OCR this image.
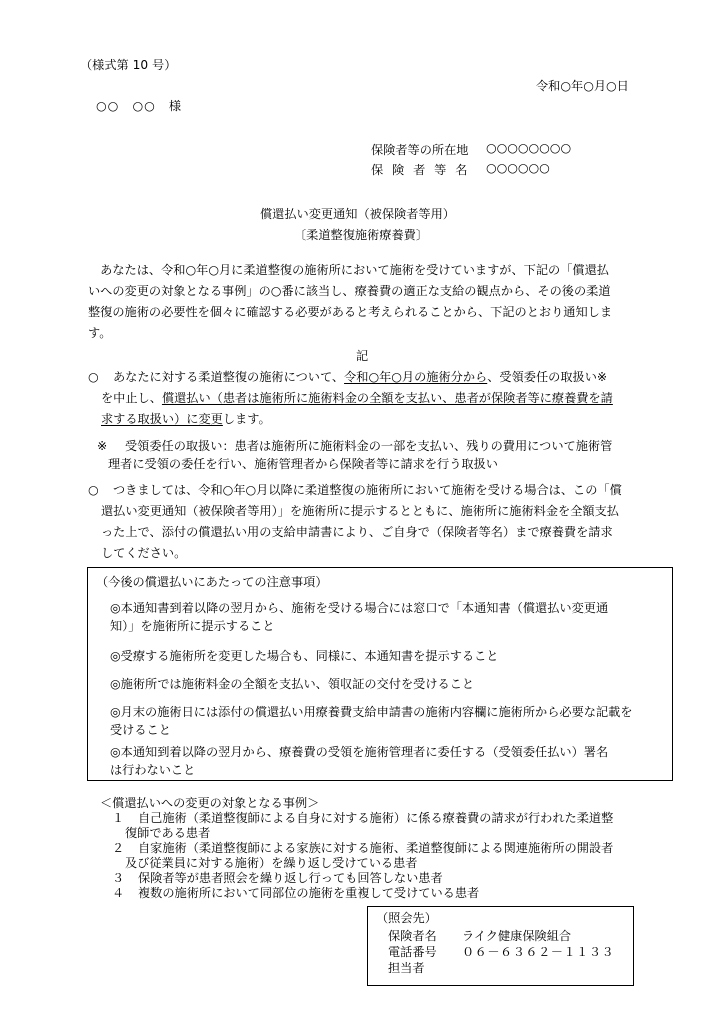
（様式第 10 号）
令和○年○月○日
○○　○○　様
保険者等の所在地 ○○○○○○○○
保 険 者 等 名 ○○○○○○
償還払い変更通知（被保険者等用）
〔柔道整復施術療養費〕
　あなたは、令和○年○月に柔道整復の施術所において施術を受けていますが、下記の「償還払
いへの変更の対象となる事例」の○番に該当し、療養費の適正な支給の観点から、その後の柔道
整復の施術の必要性を個々に確認する必要があると考えられることから、下記のとおり通知しま
す。
記
○ あなたに対する柔道整復の施術について、令和○年○月の施術分から、受領委任の取扱い※
を中止し、償還払い（患者は施術所に施術料金の全額を支払い、患者が保険者等に療養費を請
求する取扱い）に変更します。
※ 受領委任の取扱い：患者は施術所に施術料金の一部を支払い、残りの費用について施術管
理者に受領の委任を行い、施術管理者から保険者等に請求を行う取扱い
○ つきましては、令和○年○月以降に柔道整復の施術所において施術を受ける場合は、この「償
還払い変更通知（被保険者等用）」を施術所に提示するとともに、施術所に施術料金を全額支払
った上で、添付の償還払い用の支給申請書により、ご自身で（保険者等名）まで療養費を請求
してください。
（今後の償還払いにあたっての注意事項）
◎本通知書到着以降の翌月から、施術を受ける場合には窓口で「本通知書（償還払い変更通
知）」を施術所に提示すること
◎受療する施術所を変更した場合も、同様に、本通知書を提示すること
◎施術所では施術料金の全額を支払い、領収証の交付を受けること
◎月末の施術日には添付の償還払い用療養費支給申請書の施術内容欄に施術所から必要な記載を
受けること
◎本通知到着以降の翌月から、療養費の受領を施術管理者に委任する（受領委任払い）署名
は行わないこと
＜償還払いへの変更の対象となる事例＞
１ 自己施術（柔道整復師による自身に対する施術）に係る療養費の請求が行われた柔道整
復師である患者
２ 自家施術（柔道整復師による家族に対する施術、柔道整復師による関連施術所の開設者
及び従業員に対する施術）を繰り返し受けている患者
３ 保険者等が患者照会を繰り返し行っても回答しない患者
４ 複数の施術所において同部位の施術を重複して受けている患者
（照会先）
保険者名 ライク健康保険組合
電話番号 ０６－６３６２－１１３３
担当者
